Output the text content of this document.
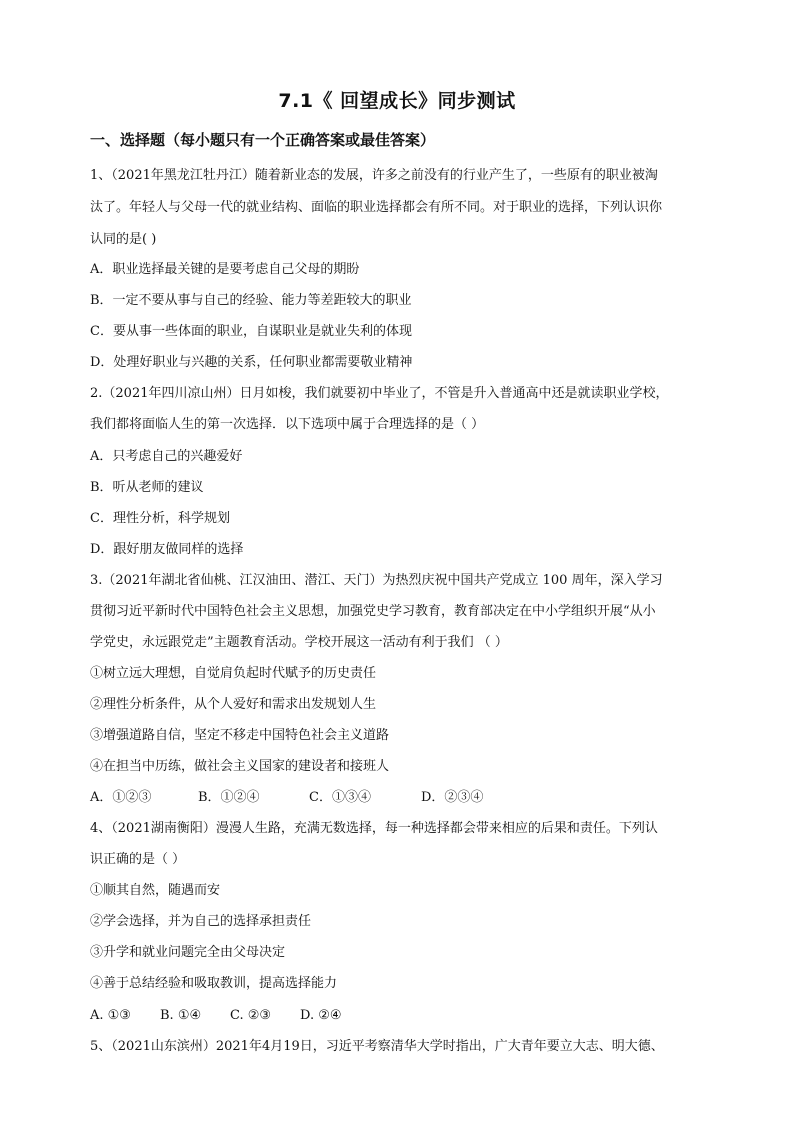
7.1《 回望成长》同步测试
一、选择题（每小题只有一个正确答案或最佳答案）
1、（2021年黑龙江牡丹江）随着新业态的发展，许多之前没有的行业产生了，一些原有的职业被淘
汰了。年轻人与父母一代的就业结构、面临的职业选择都会有所不同。对于职业的选择，下列认识你
认同的是( )
A．职业选择最关键的是要考虑自己父母的期盼
B．一定不要从事与自己的经验、能力等差距较大的职业
C．要从事一些体面的职业，自谋职业是就业失利的体现
D．处理好职业与兴趣的关系，任何职业都需要敬业精神
2.（2021年四川凉山州）日月如梭，我们就要初中毕业了，不管是升入普通高中还是就读职业学校，
我们都将面临人生的第一次选择．以下选项中属于合理选择的是（ ）
A．只考虑自己的兴趣爱好
B．听从老师的建议
C．理性分析，科学规划
D．跟好朋友做同样的选择
3.（2021年湖北省仙桃、江汉油田、潜江、天门）为热烈庆祝中国共产党成立 100 周年，深入学习
贯彻习近平新时代中国特色社会主义思想，加强党史学习教育，教育部决定在中小学组织开展“从小
学党史，永远跟党走”主题教育活动。学校开展这一活动有利于我们 （ ）
①树立远大理想，自觉肩负起时代赋予的历史责任
②理性分析条件，从个人爱好和需求出发规划人生
③增强道路自信，坚定不移走中国特色社会主义道路
④在担当中历练，做社会主义国家的建设者和接班人
A．①②③	B．①②④	C．①③④	D．②③④
4、（2021湖南衡阳）漫漫人生路，充满无数选择，每一种选择都会带来相应的后果和责任。下列认
识正确的是（ ）
①顺其自然，随遇而安
②学会选择，并为自己的选择承担责任
③升学和就业问题完全由父母决定
④善于总结经验和吸取教训，提高选择能力
A. ①③ B. ①④ C. ②③ D. ②④
5、（2021山东滨州）2021年4月19日，习近平考察清华大学时指出，广大青年要立大志、明大德、
